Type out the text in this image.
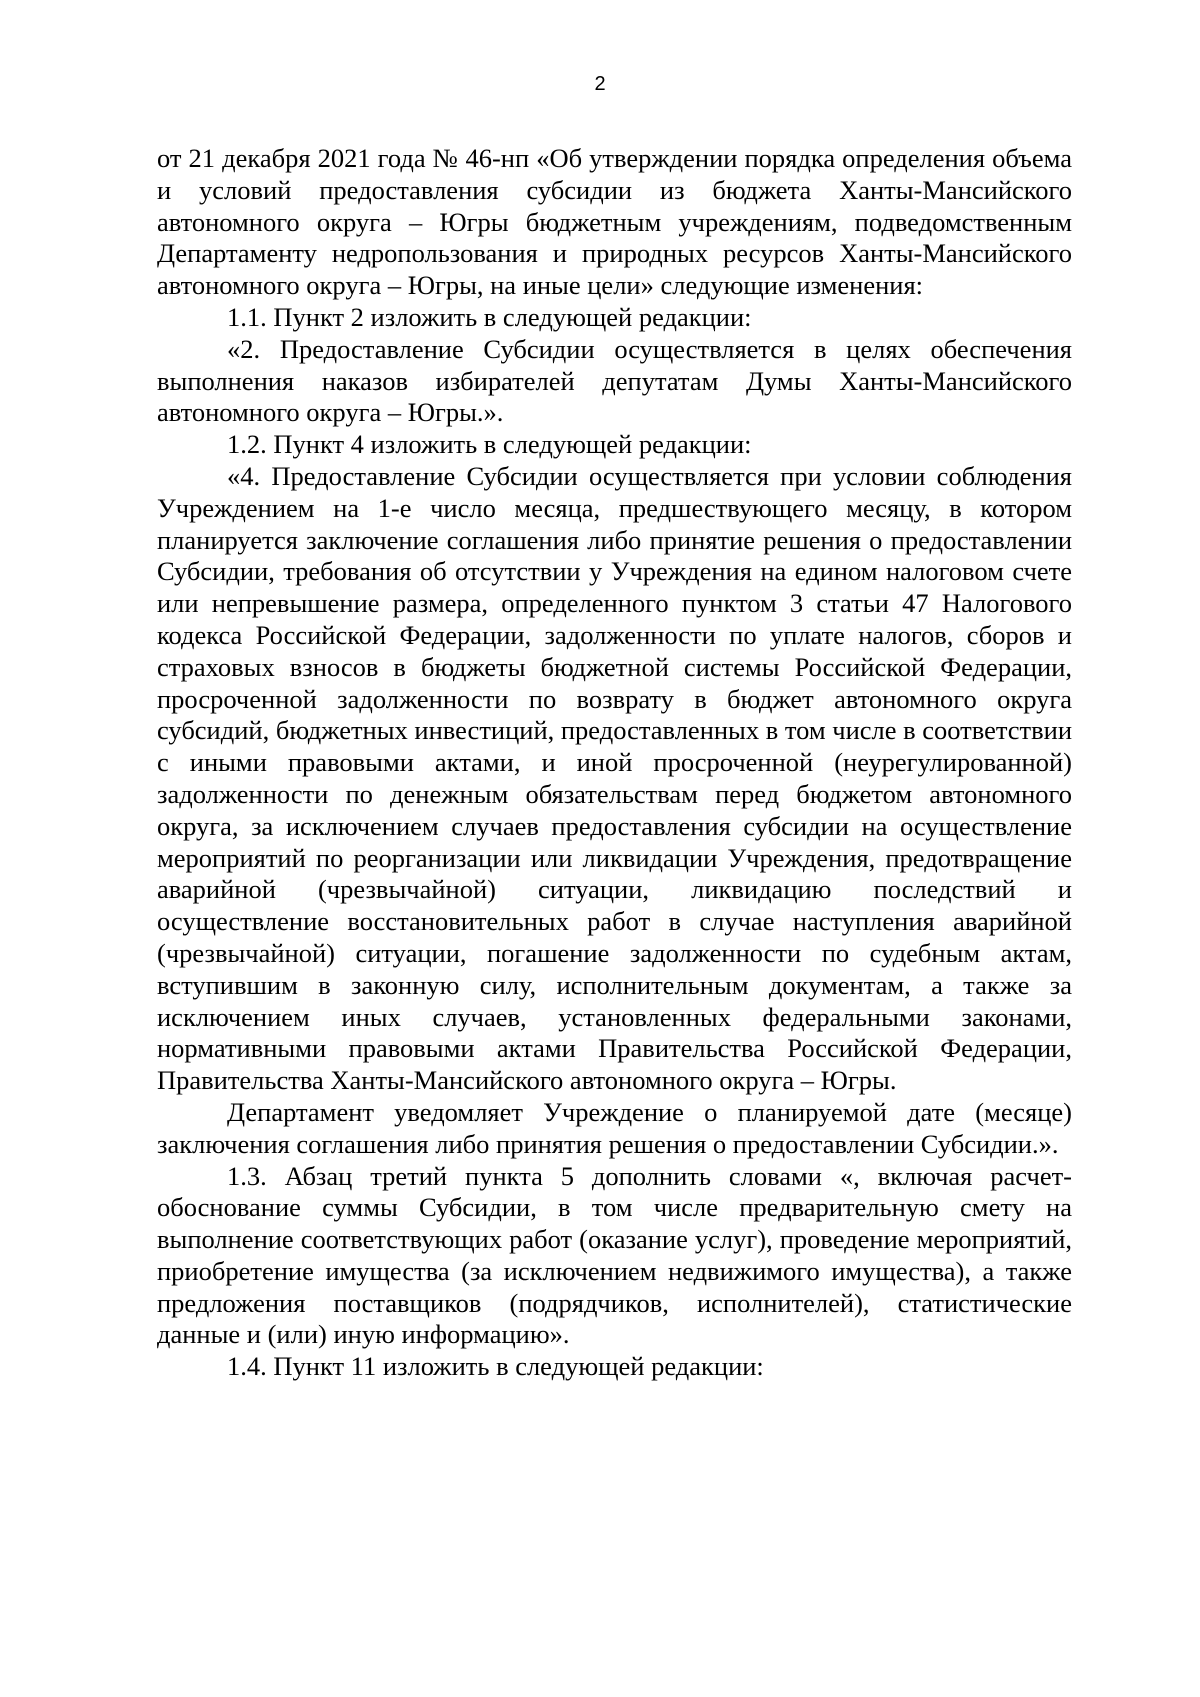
2

от 21 декабря 2021 года № 46-нп «Об утверждении порядка определения объема и условий предоставления субсидии из бюджета Ханты-Мансийского автономного округа – Югры бюджетным учреждениям, подведомственным Департаменту недропользования и природных ресурсов Ханты-Мансийского автономного округа – Югры, на иные цели» следующие изменения:

1.1. Пункт 2 изложить в следующей редакции:

«2. Предоставление Субсидии осуществляется в целях обеспечения выполнения наказов избирателей депутатам Думы Ханты-Мансийского автономного округа – Югры.».

1.2. Пункт 4 изложить в следующей редакции:

«4. Предоставление Субсидии осуществляется при условии соблюдения Учреждением на 1-е число месяца, предшествующего месяцу, в котором планируется заключение соглашения либо принятие решения о предоставлении Субсидии, требования об отсутствии у Учреждения на едином налоговом счете или непревышение размера, определенного пунктом 3 статьи 47 Налогового кодекса Российской Федерации, задолженности по уплате налогов, сборов и страховых взносов в бюджеты бюджетной системы Российской Федерации, просроченной задолженности по возврату в бюджет автономного округа субсидий, бюджетных инвестиций, предоставленных в том числе в соответствии с иными правовыми актами, и иной просроченной (неурегулированной) задолженности по денежным обязательствам перед бюджетом автономного округа, за исключением случаев предоставления субсидии на осуществление мероприятий по реорганизации или ликвидации Учреждения, предотвращение аварийной (чрезвычайной) ситуации, ликвидацию последствий и осуществление восстановительных работ в случае наступления аварийной (чрезвычайной) ситуации, погашение задолженности по судебным актам, вступившим в законную силу, исполнительным документам, а также за исключением иных случаев, установленных федеральными законами, нормативными правовыми актами Правительства Российской Федерации, Правительства Ханты-Мансийского автономного округа – Югры.

Департамент уведомляет Учреждение о планируемой дате (месяце) заключения соглашения либо принятия решения о предоставлении Субсидии.».

1.3. Абзац третий пункта 5 дополнить словами «, включая расчет-обоснование суммы Субсидии, в том числе предварительную смету на выполнение соответствующих работ (оказание услуг), проведение мероприятий, приобретение имущества (за исключением недвижимого имущества), а также предложения поставщиков (подрядчиков, исполнителей), статистические данные и (или) иную информацию».

1.4. Пункт 11 изложить в следующей редакции:
